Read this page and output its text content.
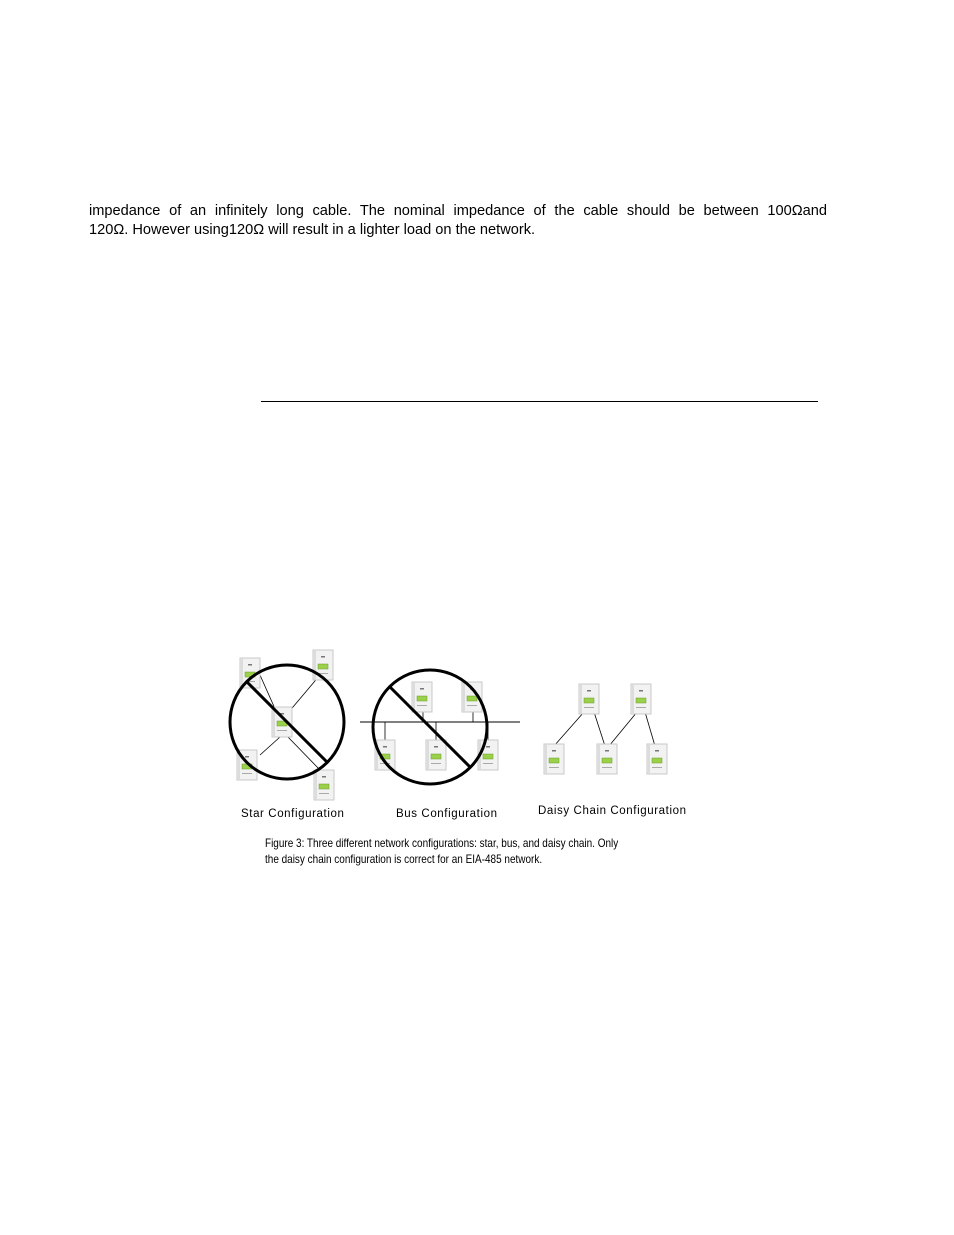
impedance of an infinitely long cable. The nominal impedance of the cable should be between 100Ωand
120Ω. However using120Ω will result in a lighter load on the network.
Star Configuration	Bus Configuration	Daisy Chain Configuration
Figure 3: Three different network configurations: star, bus, and daisy chain. Only
the daisy chain configuration is correct for an EIA-485 network.
